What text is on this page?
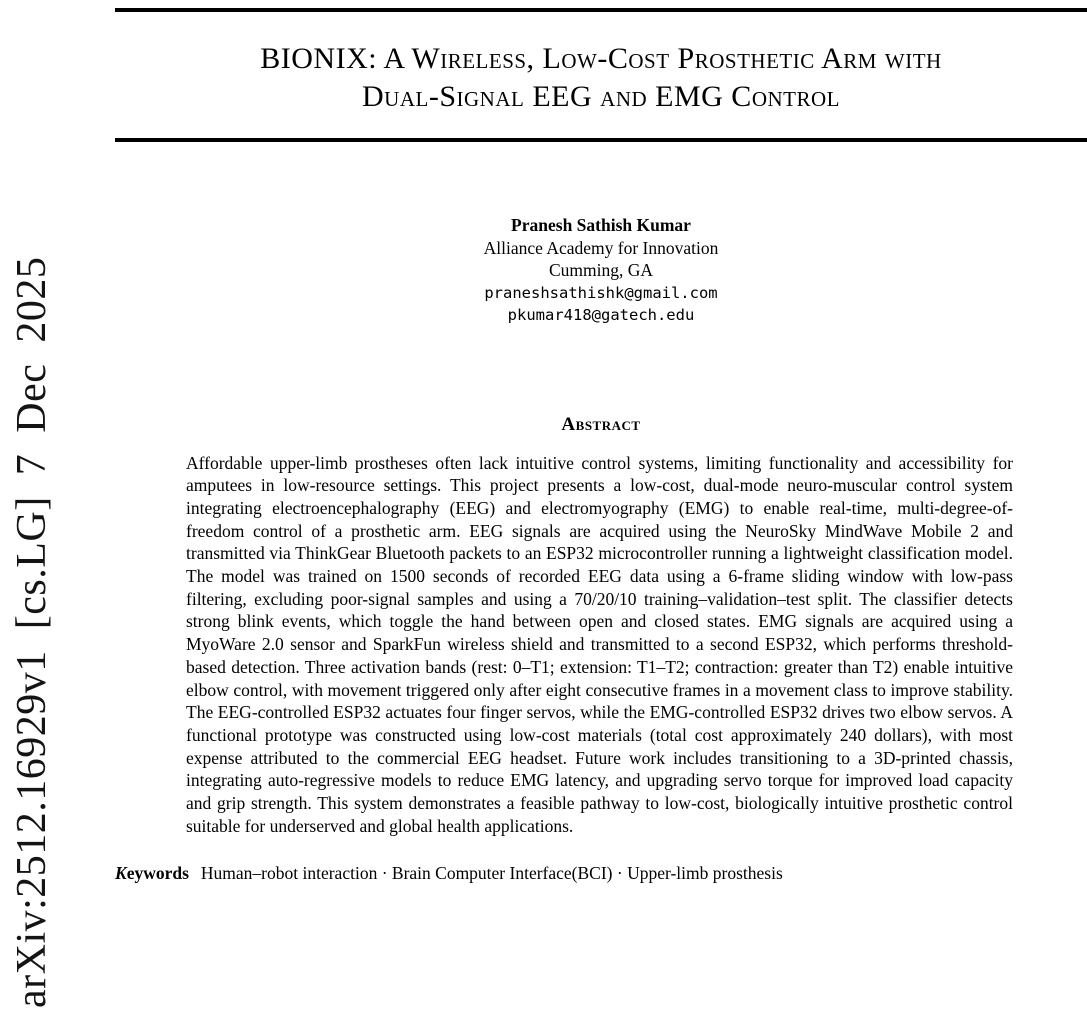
arXiv:2512.16929v1 [cs.LG] 7 Dec 2025
BIONIX: A Wireless, Low-Cost Prosthetic Arm with
Dual-Signal EEG and EMG Control
Pranesh Sathish Kumar
Alliance Academy for Innovation
Cumming, GA
praneshsathishk@gmail.com
pkumar418@gatech.edu
Abstract

Affordable upper-limb prostheses often lack intuitive control systems, limiting functionality and accessibility for amputees in low-resource settings. This project presents a low-cost, dual-mode neuro-muscular control system integrating electroencephalography (EEG) and electromyography (EMG) to enable real-time, multi-degree-of-freedom control of a prosthetic arm. EEG signals are acquired using the NeuroSky MindWave Mobile 2 and transmitted via ThinkGear Bluetooth packets to an ESP32 microcontroller running a lightweight classification model. The model was trained on 1500 seconds of recorded EEG data using a 6-frame sliding window with low-pass filtering, excluding poor-signal samples and using a 70/20/10 training–validation–test split. The classifier detects strong blink events, which toggle the hand between open and closed states. EMG signals are acquired using a MyoWare 2.0 sensor and SparkFun wireless shield and transmitted to a second ESP32, which performs threshold-based detection. Three activation bands (rest: 0–T1; extension: T1–T2; contraction: greater than T2) enable intuitive elbow control, with movement triggered only after eight consecutive frames in a movement class to improve stability. The EEG-controlled ESP32 actuates four finger servos, while the EMG-controlled ESP32 drives two elbow servos. A functional prototype was constructed using low-cost materials (total cost approximately 240 dollars), with most expense attributed to the commercial EEG headset. Future work includes transitioning to a 3D-printed chassis, integrating auto-regressive models to reduce EMG latency, and upgrading servo torque for improved load capacity and grip strength. This system demonstrates a feasible pathway to low-cost, biologically intuitive prosthetic control suitable for underserved and global health applications.

Keywords Human–robot interaction · Brain Computer Interface(BCI) · Upper-limb prosthesis
